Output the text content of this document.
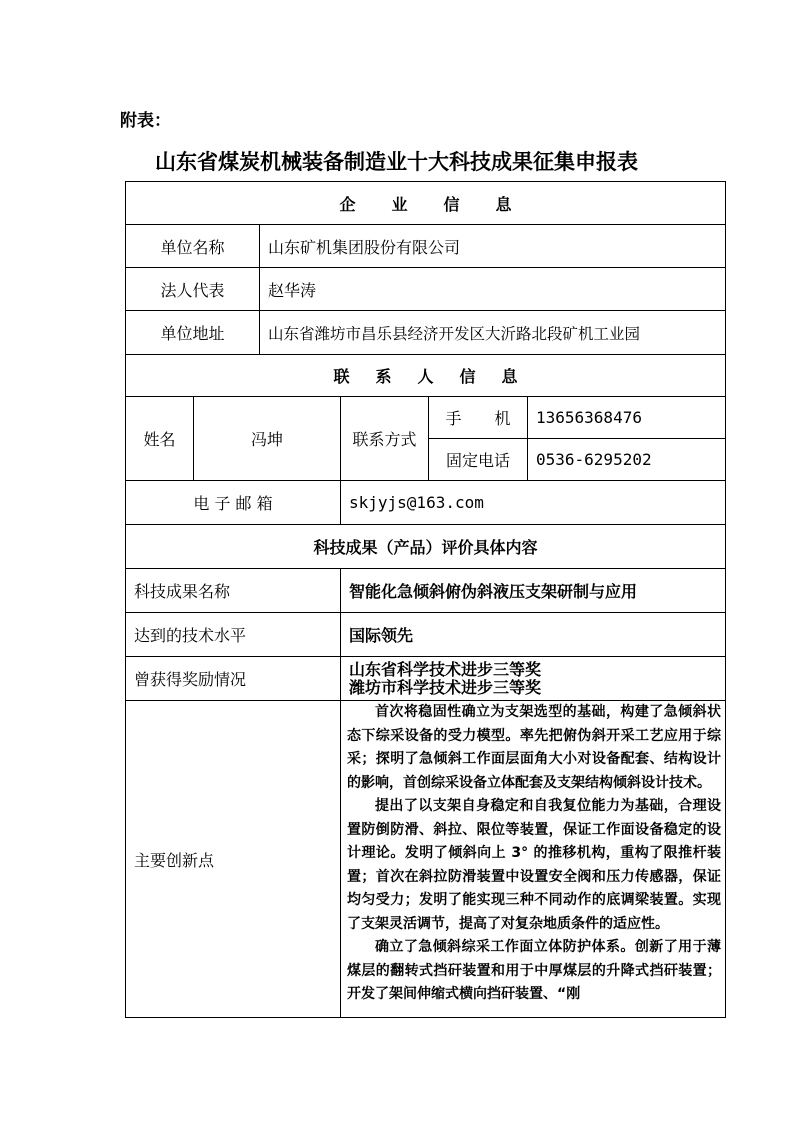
附表：
山东省煤炭机械装备制造业十大科技成果征集申报表
企业信息					
单位名称		山东矿机集团股份有限公司			
法人代表		赵华涛			
单位地址		山东省潍坊市昌乐县经济开发区大沂路北段矿机工业园			
联系人信息					
姓名	冯坤		联系方式	手 机	13656368476
				固定电话	0536-6295202
电 子 邮 箱			skjyjs@163.com		
科技成果（产品）评价具体内容					
科技成果名称			智能化急倾斜俯伪斜液压支架研制与应用		
达到的技术水平			国际领先		
曾获得奖励情况			山东省科学技术进步三等奖
潍坊市科学技术进步三等奖		

主要创新点			首次将稳固性确立为支架选型的基础，构建了急倾斜状态下综采设备的受力模型。率先把俯伪斜开采工艺应用于综采；探明了急倾斜工作面层面角大小对设备配套、结构设计的影响，首创综采设备立体配套及支架结构倾斜设计技术。

提出了以支架自身稳定和自我复位能力为基础，合理设置防倒防滑、斜拉、限位等装置，保证工作面设备稳定的设计理论。发明了倾斜向上 3° 的推移机构，重构了限推杆装置；首次在斜拉防滑装置中设置安全阀和压力传感器，保证均匀受力；发明了能实现三种不同动作的底调梁装置。实现了支架灵活调节，提高了对复杂地质条件的适应性。

确立了急倾斜综采工作面立体防护体系。创新了用于薄煤层的翻转式挡矸装置和用于中厚煤层的升降式挡矸装置；开发了架间伸缩式横向挡矸装置、“刚		
